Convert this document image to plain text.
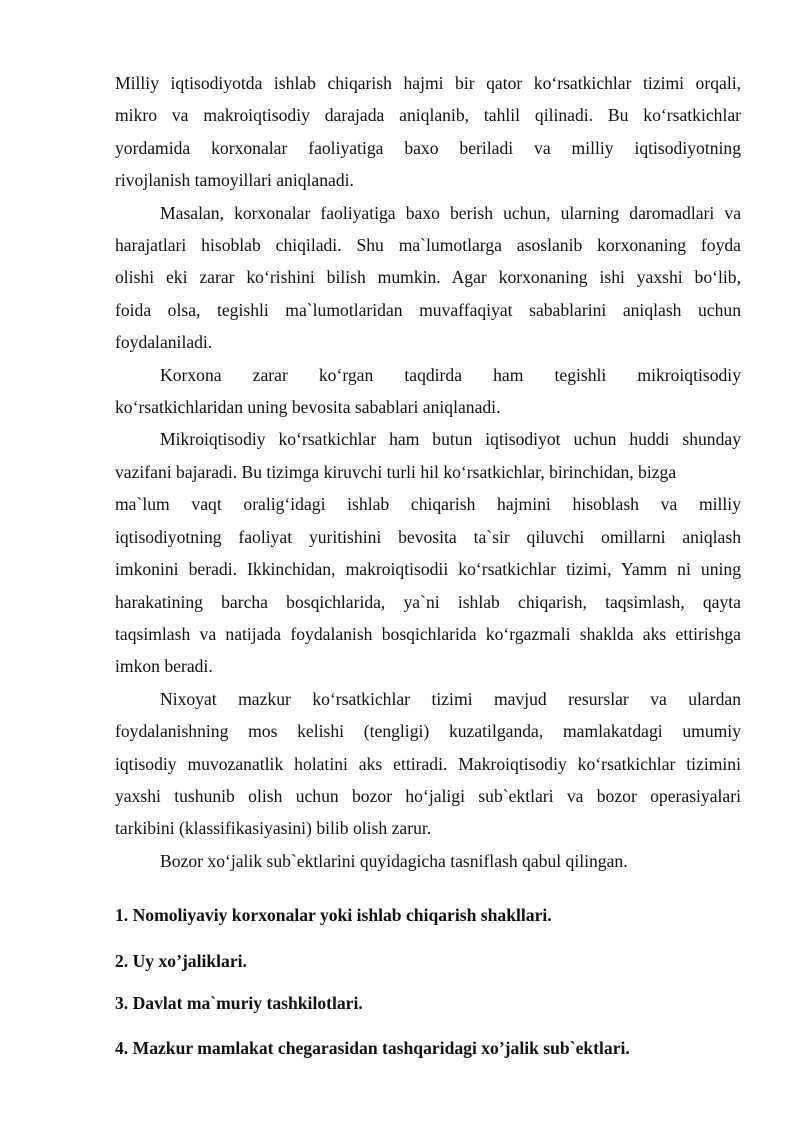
Milliy iqtisodiyotda ishlab chiqarish hajmi bir qator ko‘rsatkichlar tizimi orqali,
mikro va makroiqtisodiy darajada aniqlanib, tahlil qilinadi. Bu ko‘rsatkichlar
yordamida korxonalar faoliyatiga baxo beriladi va milliy iqtisodiyotning
rivojlanish tamoyillari aniqlanadi.

Masalan, korxonalar faoliyatiga baxo berish uchun, ularning daromadlari va
harajatlari hisoblab chiqiladi. Shu ma`lumotlarga asoslanib korxonaning foyda
olishi eki zarar ko‘rishini bilish mumkin. Agar korxonaning ishi yaxshi bo‘lib,
foida olsa, tegishli ma`lumotlaridan muvaffaqiyat sabablarini aniqlash uchun
foydalaniladi.

Korxona zarar ko‘rgan taqdirda ham tegishli mikroiqtisodiy
ko‘rsatkichlaridan uning bevosita sabablari aniqlanadi.

Mikroiqtisodiy ko‘rsatkichlar ham butun iqtisodiyot uchun huddi shunday
vazifani bajaradi. Bu tizimga kiruvchi turli hil ko‘rsatkichlar, birinchidan, bizga
ma`lum vaqt oralig‘idagi ishlab chiqarish hajmini hisoblash va milliy
iqtisodiyotning faoliyat yuritishini bevosita ta`sir qiluvchi omillarni aniqlash
imkonini beradi. Ikkinchidan, makroiqtisodii ko‘rsatkichlar tizimi, Yamm ni uning
harakatining barcha bosqichlarida, ya`ni ishlab chiqarish, taqsimlash, qayta
taqsimlash va natijada foydalanish bosqichlarida ko‘rgazmali shaklda aks ettirishga
imkon beradi.

Nixoyat mazkur ko‘rsatkichlar tizimi mavjud resurslar va ulardan
foydalanishning mos kelishi (tengligi) kuzatilganda, mamlakatdagi umumiy
iqtisodiy muvozanatlik holatini aks ettiradi. Makroiqtisodiy ko‘rsatkichlar tizimini
yaxshi tushunib olish uchun bozor ho‘jaligi sub`ektlari va bozor operasiyalari
tarkibini (klassifikasiyasini) bilib olish zarur.

Bozor xo‘jalik sub`ektlarini quyidagicha tasniflash qabul qilingan.

1. Nomoliyaviy korxonalar yoki ishlab chiqarish shakllari.

2. Uy xo’jaliklari.

3. Davlat ma`muriy tashkilotlari.

4. Mazkur mamlakat chegarasidan tashqaridagi xo’jalik sub`ektlari.
